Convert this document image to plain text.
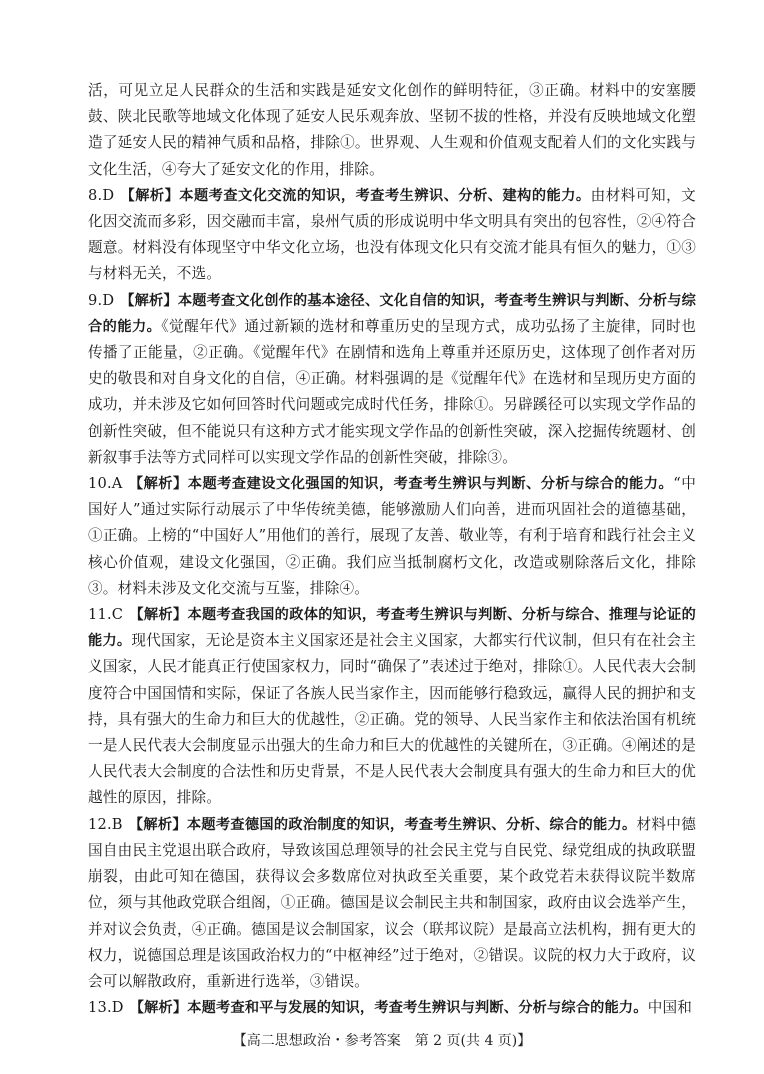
活，可见立足人民群众的生活和实践是延安文化创作的鲜明特征，③正确。材料中的安塞腰鼓、陕北民歌等地域文化体现了延安人民乐观奔放、坚韧不拔的性格，并没有反映地域文化塑造了延安人民的精神气质和品格，排除①。世界观、人生观和价值观支配着人们的文化实践与文化生活，④夸大了延安文化的作用，排除。

8.D 【解析】本题考查文化交流的知识，考查考生辨识、分析、建构的能力。由材料可知，文化因交流而多彩，因交融而丰富，泉州气质的形成说明中华文明具有突出的包容性，②④符合题意。材料没有体现坚守中华文化立场，也没有体现文化只有交流才能具有恒久的魅力，①③与材料无关，不选。

9.D 【解析】本题考查文化创作的基本途径、文化自信的知识，考查考生辨识与判断、分析与综合的能力。《觉醒年代》通过新颖的选材和尊重历史的呈现方式，成功弘扬了主旋律，同时也传播了正能量，②正确。《觉醒年代》在剧情和选角上尊重并还原历史，这体现了创作者对历史的敬畏和对自身文化的自信，④正确。材料强调的是《觉醒年代》在选材和呈现历史方面的成功，并未涉及它如何回答时代问题或完成时代任务，排除①。另辟蹊径可以实现文学作品的创新性突破，但不能说只有这种方式才能实现文学作品的创新性突破，深入挖掘传统题材、创新叙事手法等方式同样可以实现文学作品的创新性突破，排除③。

10.A 【解析】本题考查建设文化强国的知识，考查考生辨识与判断、分析与综合的能力。“中国好人”通过实际行动展示了中华传统美德，能够激励人们向善，进而巩固社会的道德基础，①正确。上榜的“中国好人”用他们的善行，展现了友善、敬业等，有利于培育和践行社会主义核心价值观，建设文化强国，②正确。我们应当抵制腐朽文化，改造或剔除落后文化，排除③。材料未涉及文化交流与互鉴，排除④。

11.C 【解析】本题考查我国的政体的知识，考查考生辨识与判断、分析与综合、推理与论证的能力。现代国家，无论是资本主义国家还是社会主义国家，大都实行代议制，但只有在社会主义国家，人民才能真正行使国家权力，同时“确保了”表述过于绝对，排除①。人民代表大会制度符合中国国情和实际，保证了各族人民当家作主，因而能够行稳致远，赢得人民的拥护和支持，具有强大的生命力和巨大的优越性，②正确。党的领导、人民当家作主和依法治国有机统一是人民代表大会制度显示出强大的生命力和巨大的优越性的关键所在，③正确。④阐述的是人民代表大会制度的合法性和历史背景，不是人民代表大会制度具有强大的生命力和巨大的优越性的原因，排除。

12.B 【解析】本题考查德国的政治制度的知识，考查考生辨识、分析、综合的能力。材料中德国自由民主党退出联合政府，导致该国总理领导的社会民主党与自民党、绿党组成的执政联盟崩裂，由此可知在德国，获得议会多数席位对执政至关重要，某个政党若未获得议院半数席位，须与其他政党联合组阁，①正确。德国是议会制民主共和制国家，政府由议会选举产生，并对议会负责，④正确。德国是议会制国家，议会（联邦议院）是最高立法机构，拥有更大的权力，说德国总理是该国政治权力的“中枢神经”过于绝对，②错误。议院的权力大于政府，议会可以解散政府，重新进行选举，③错误。

13.D 【解析】本题考查和平与发展的知识，考查考生辨识与判断、分析与综合的能力。中国和

【高二思想政治・参考答案　第 2 页(共 4 页)】
